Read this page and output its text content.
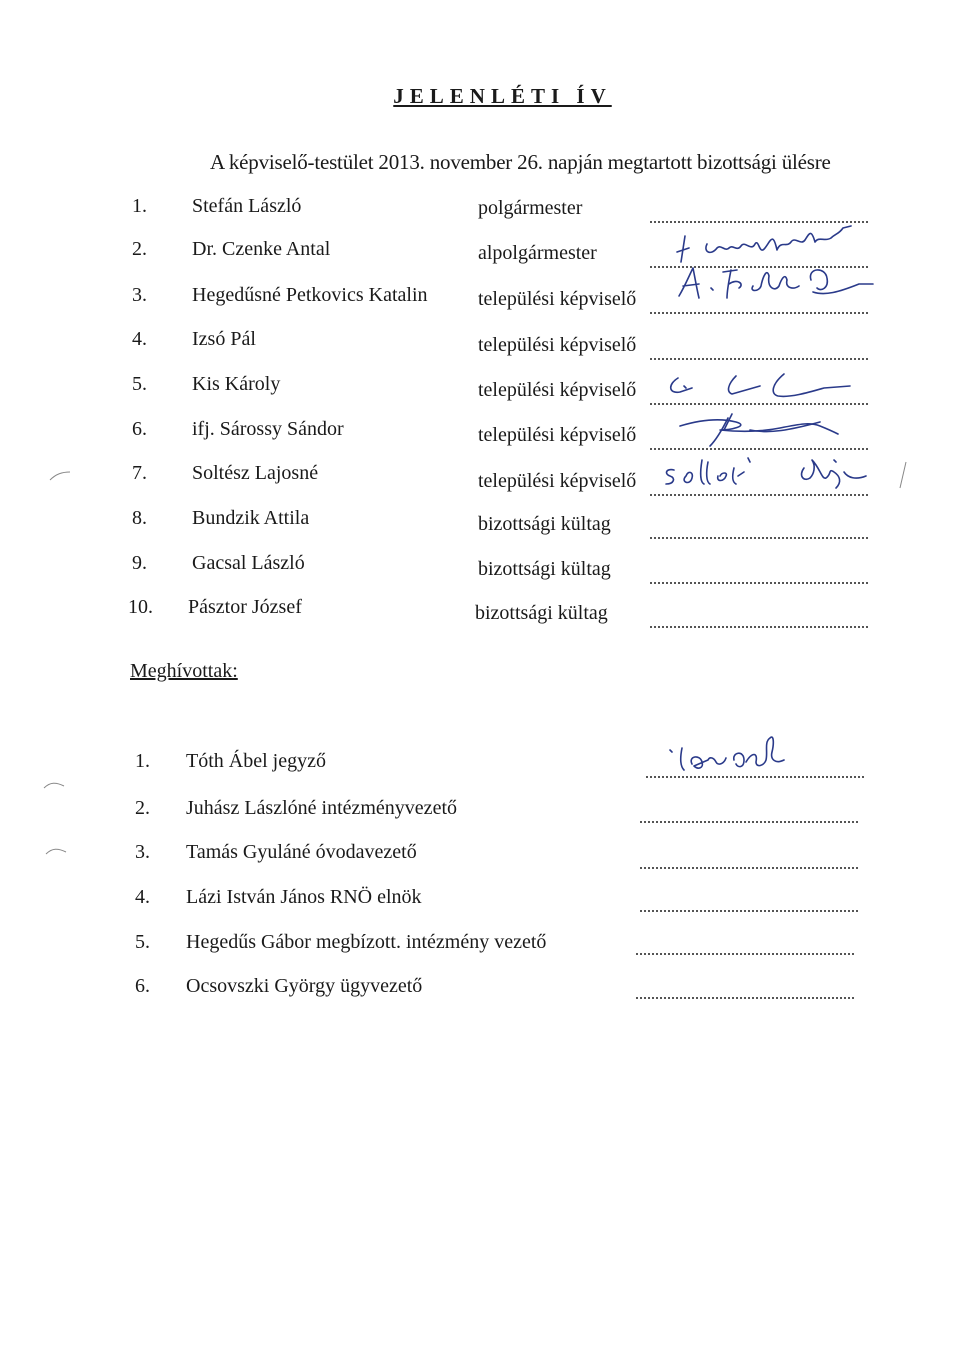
JELENLÉTI ÍV
A képviselő-testület 2013. november 26. napján megtartott bizottsági ülésre
1. Stefán László	polgármester
2. Dr. Czenke Antal	alpolgármester
3. Hegedűsné Petkovics Katalin	települési képviselő
4. Izsó Pál	települési képviselő
5. Kis Károly	települési képviselő
6. ifj. Sárossy Sándor	települési képviselő
7. Soltész Lajosné	települési képviselő
8. Bundzik Attila	bizottsági kültag
9. Gacsal László	bizottsági kültag
10. Pásztor József	bizottsági kültag
Meghívottak:
1. Tóth Ábel jegyző
2. Juhász Lászlóné intézményvezető
3. Tamás Gyuláné óvodavezető
4. Lázi István János RNÖ elnök
5. Hegedűs Gábor megbízott. intézmény vezető
6. Ocsovszki György ügyvezető
